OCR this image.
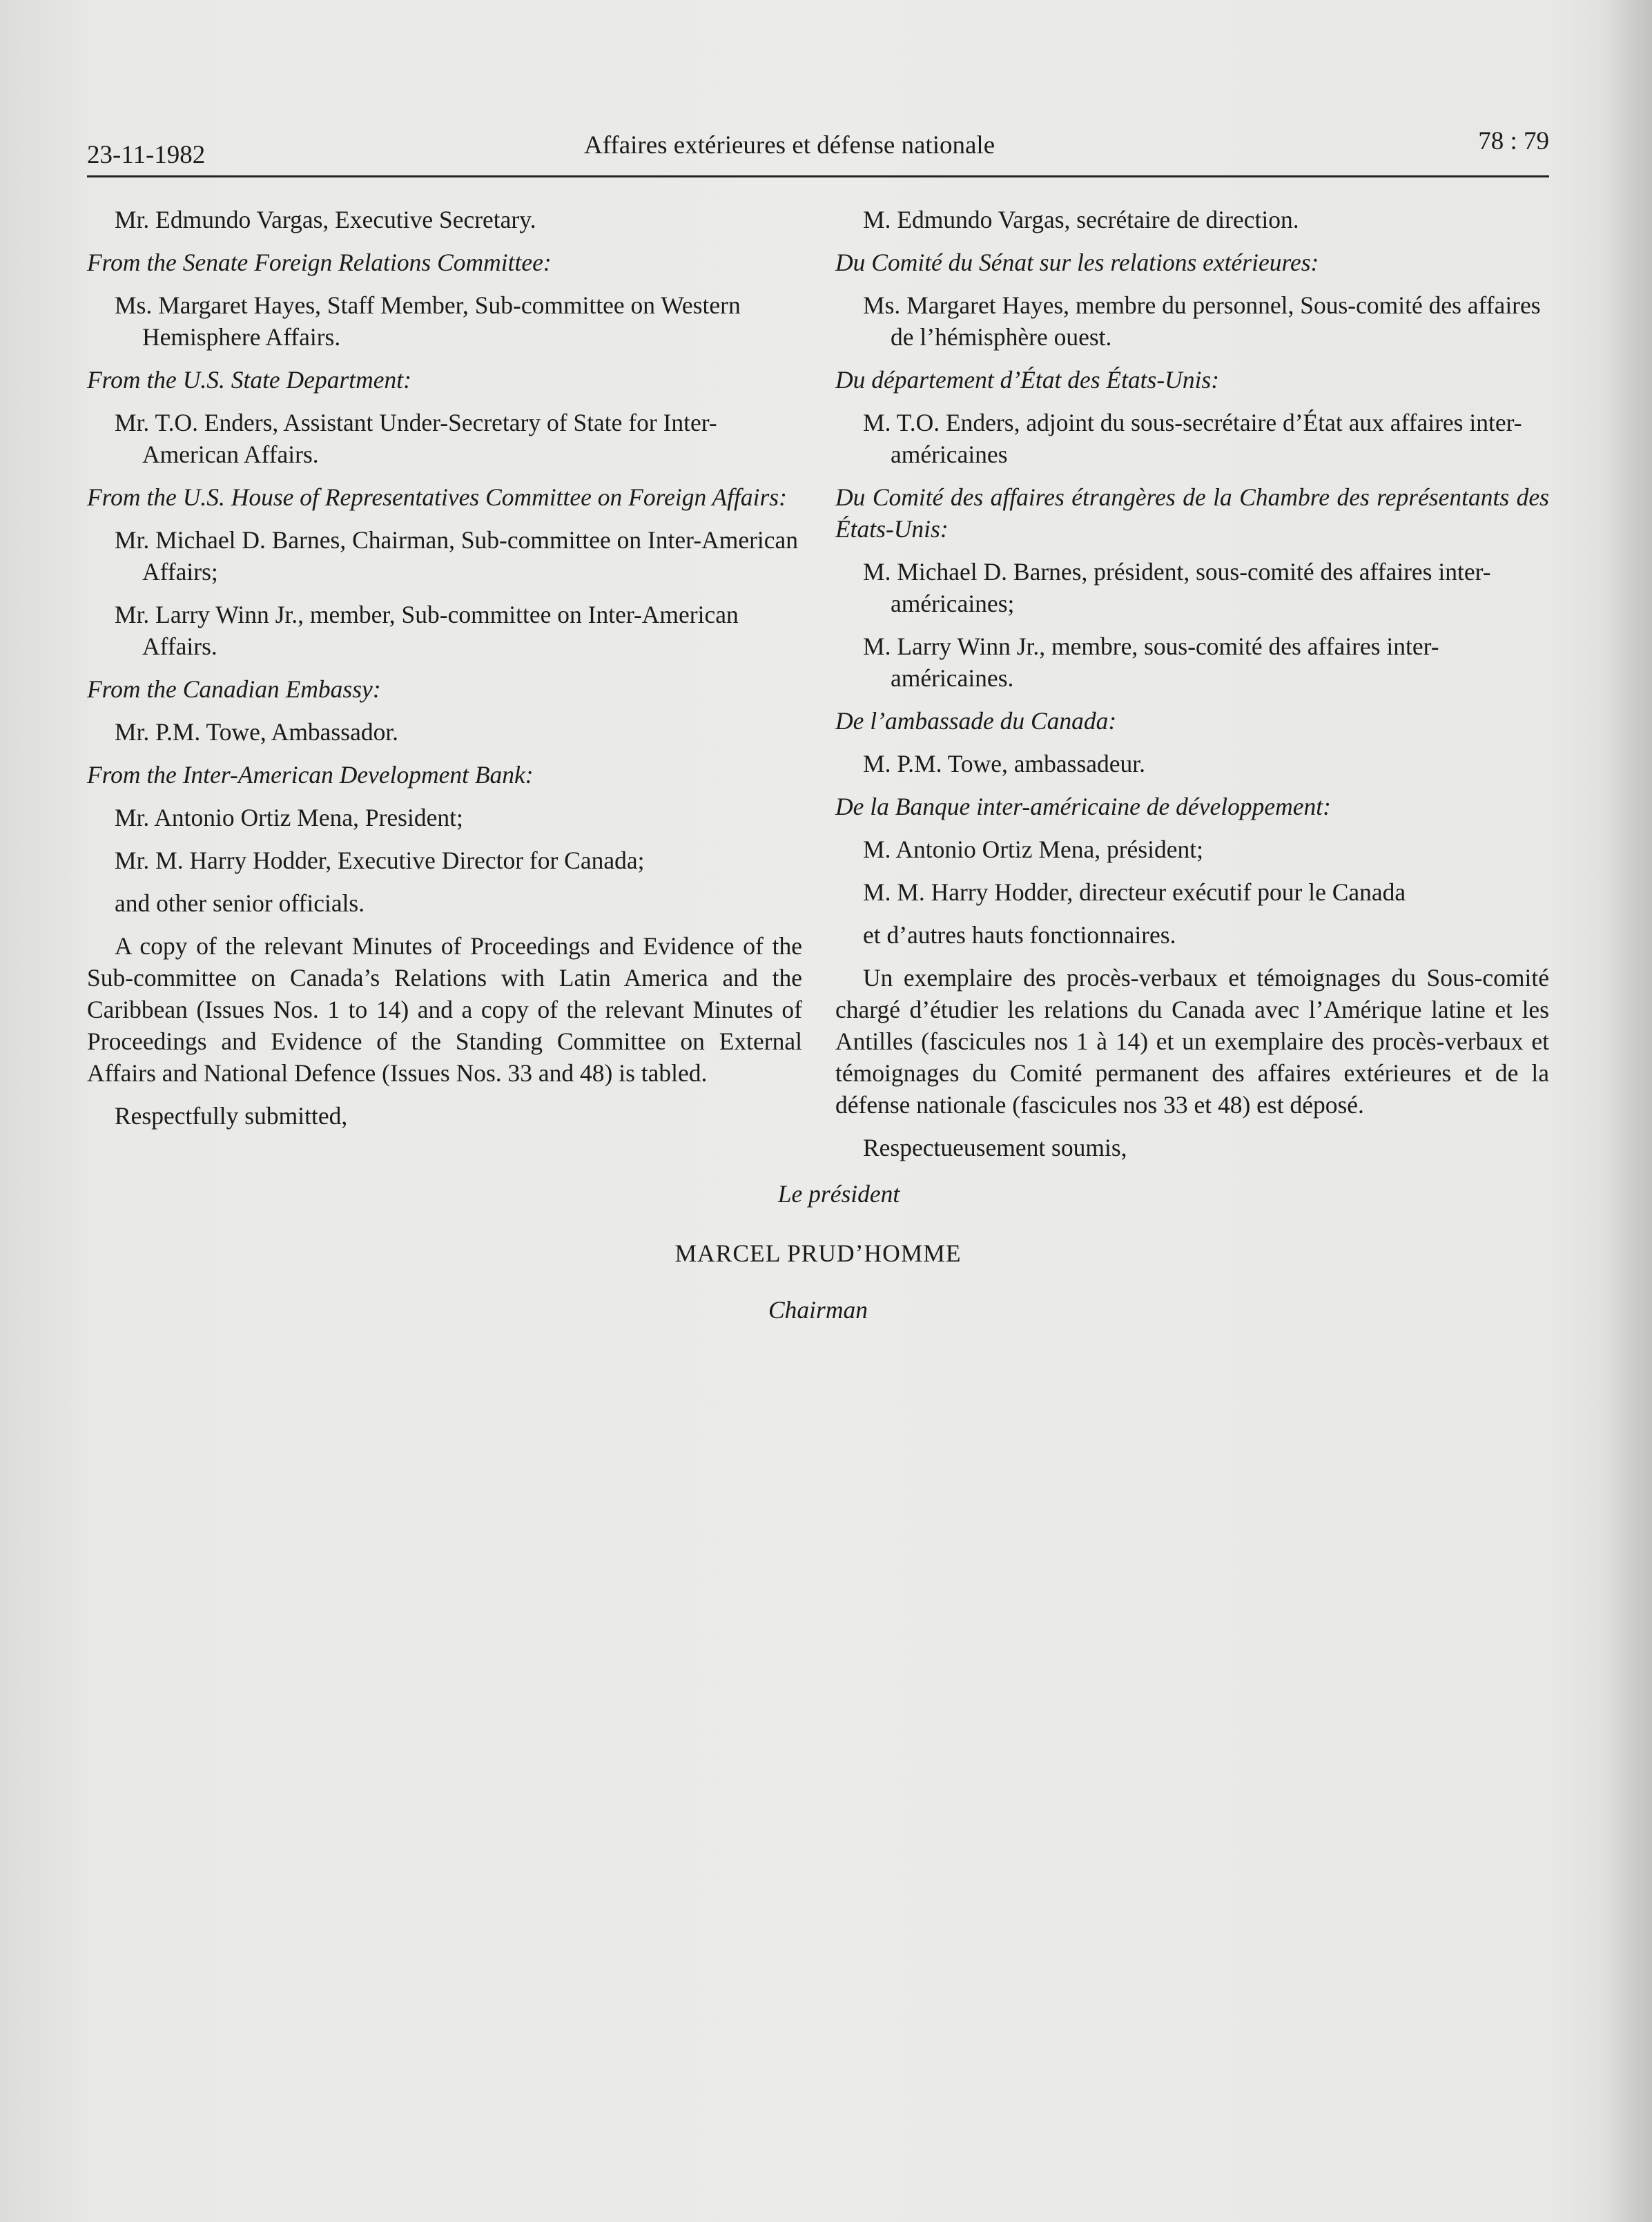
23-11-1982	Affaires extérieures et défense nationale	78 : 79

Mr. Edmundo Vargas, Executive Secretary.

From the Senate Foreign Relations Committee:

Ms. Margaret Hayes, Staff Member, Sub-committee on Western Hemisphere Affairs.

From the U.S. State Department:

Mr. T.O. Enders, Assistant Under-Secretary of State for Inter-American Affairs.

From the U.S. House of Representatives Committee on Foreign Affairs:

Mr. Michael D. Barnes, Chairman, Sub-committee on Inter-American Affairs;

Mr. Larry Winn Jr., member, Sub-committee on Inter-American Affairs.

From the Canadian Embassy:

Mr. P.M. Towe, Ambassador.

From the Inter-American Development Bank:

Mr. Antonio Ortiz Mena, President;

Mr. M. Harry Hodder, Executive Director for Canada;

and other senior officials.

A copy of the relevant Minutes of Proceedings and Evidence of the Sub-committee on Canada’s Relations with Latin America and the Caribbean (Issues Nos. 1 to 14) and a copy of the relevant Minutes of Proceedings and Evidence of the Standing Committee on External Affairs and National Defence (Issues Nos. 33 and 48) is tabled.

Respectfully submitted,

M. Edmundo Vargas, secrétaire de direction.

Du Comité du Sénat sur les relations extérieures:

Ms. Margaret Hayes, membre du personnel, Sous-comité des affaires de l’hémisphère ouest.

Du département d’État des États-Unis:

M. T.O. Enders, adjoint du sous-secrétaire d’État aux affaires inter-américaines

Du Comité des affaires étrangères de la Chambre des représentants des États-Unis:

M. Michael D. Barnes, président, sous-comité des affaires inter-américaines;

M. Larry Winn Jr., membre, sous-comité des affaires inter-américaines.

De l’ambassade du Canada:

M. P.M. Towe, ambassadeur.

De la Banque inter-américaine de développement:

M. Antonio Ortiz Mena, président;

M. M. Harry Hodder, directeur exécutif pour le Canada

et d’autres hauts fonctionnaires.

Un exemplaire des procès-verbaux et témoignages du Sous-comité chargé d’étudier les relations du Canada avec l’Amérique latine et les Antilles (fascicules nos 1 à 14) et un exemplaire des procès-verbaux et témoignages du Comité permanent des affaires extérieures et de la défense nationale (fascicules nos 33 et 48) est déposé.

Respectueusement soumis,

Le président
MARCEL PRUD’HOMME
Chairman
